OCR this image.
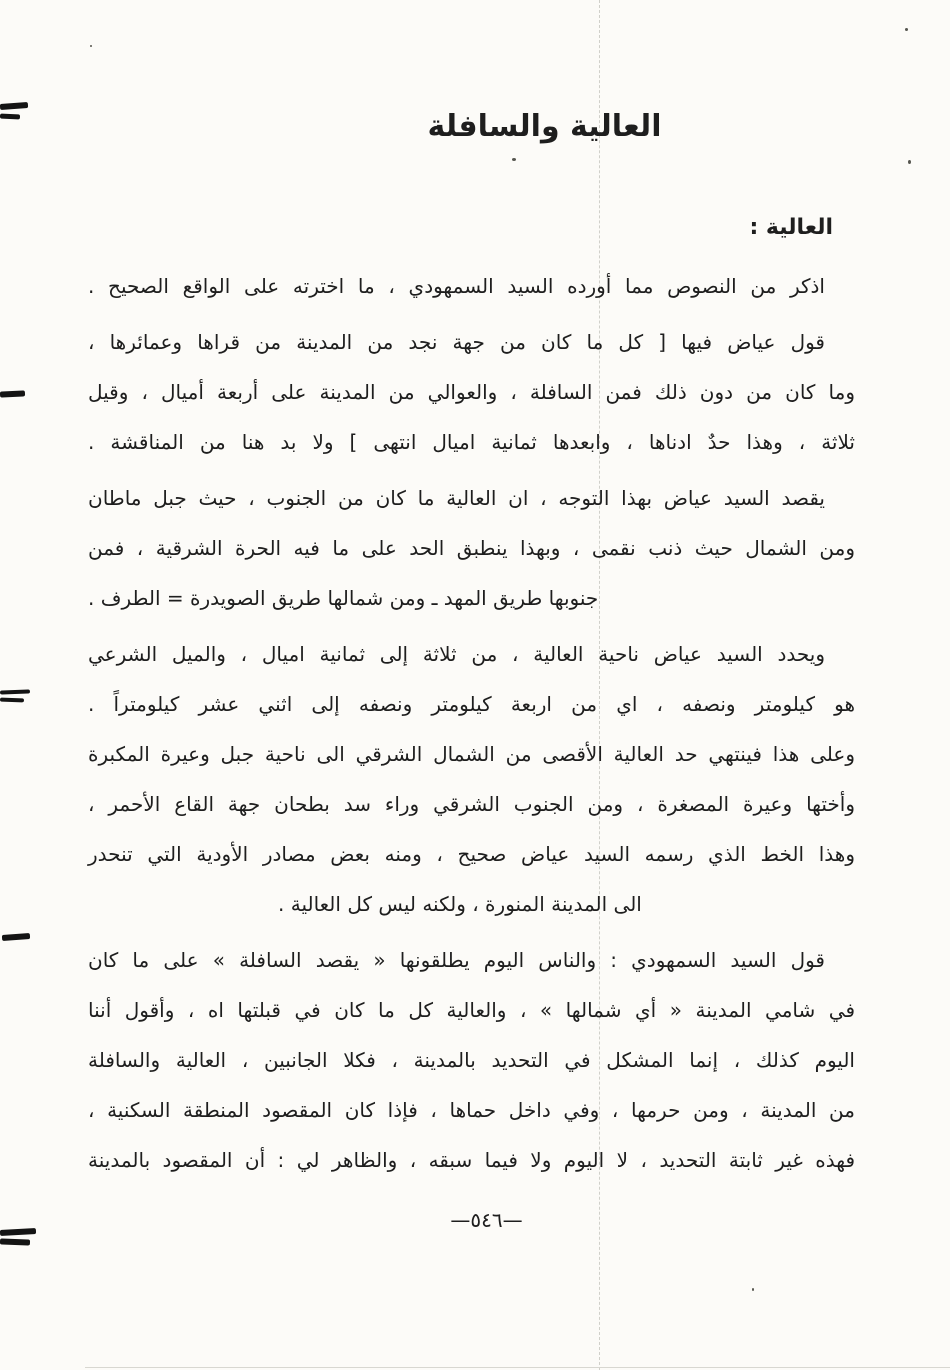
العالية والسافلة
العالية :

اذكر من النصوص مما أورده السيد السمهودي ، ما اخترته على الواقع الصحيح .

قول عياض فيها [ كل ما كان من جهة نجد من المدينة من قراها وعمائرها ،

وما كان من دون ذلك فمن السافلة ، والعوالي من المدينة على أربعة أميال ، وقيل

ثلاثة ، وهذا حدٌ ادناها ، وابعدها ثمانية اميال انتهى ] ولا بد هنا من المناقشة .

يقصد السيد عياض بهذا التوجه ، ان العالية ما كان من الجنوب ، حيث جبل ماطان

ومن الشمال حيث ذنب نقمى ، وبهذا ينطبق الحد على ما فيه الحرة الشرقية ، فمن

جنوبها طريق المهد ـ ومن شمالها طريق الصويدرة = الطرف .

ويحدد السيد عياض ناحية العالية ، من ثلاثة إلى ثمانية اميال ، والميل الشرعي

هو كيلومتر ونصفه ، اي من اربعة كيلومتر ونصفه إلى اثني عشر كيلومتراً .

وعلى هذا فينتهي حد العالية الأقصى من الشمال الشرقي الى ناحية جبل وعيرة المكبرة

وأختها وعيرة المصغرة ، ومن الجنوب الشرقي وراء سد بطحان جهة القاع الأحمر ،

وهذا الخط الذي رسمه السيد عياض صحيح ، ومنه بعض مصادر الأودية التي تنحدر

الى المدينة المنورة ، ولكنه ليس كل العالية .

قول السيد السمهودي : والناس اليوم يطلقونها « يقصد السافلة » على ما كان

في شامي المدينة « أي شمالها » ، والعالية كل ما كان في قبلتها اه ، وأقول أننا

اليوم كذلك ، إنما المشكل في التحديد بالمدينة ، فكلا الجانبين ، العالية والسافلة

من المدينة ، ومن حرمها ، وفي داخل حماها ، فإذا كان المقصود المنطقة السكنية ،

فهذه غير ثابتة التحديد ، لا اليوم ولا فيما سبقه ، والظاهر لي : أن المقصود بالمدينة

—٥٤٦—
